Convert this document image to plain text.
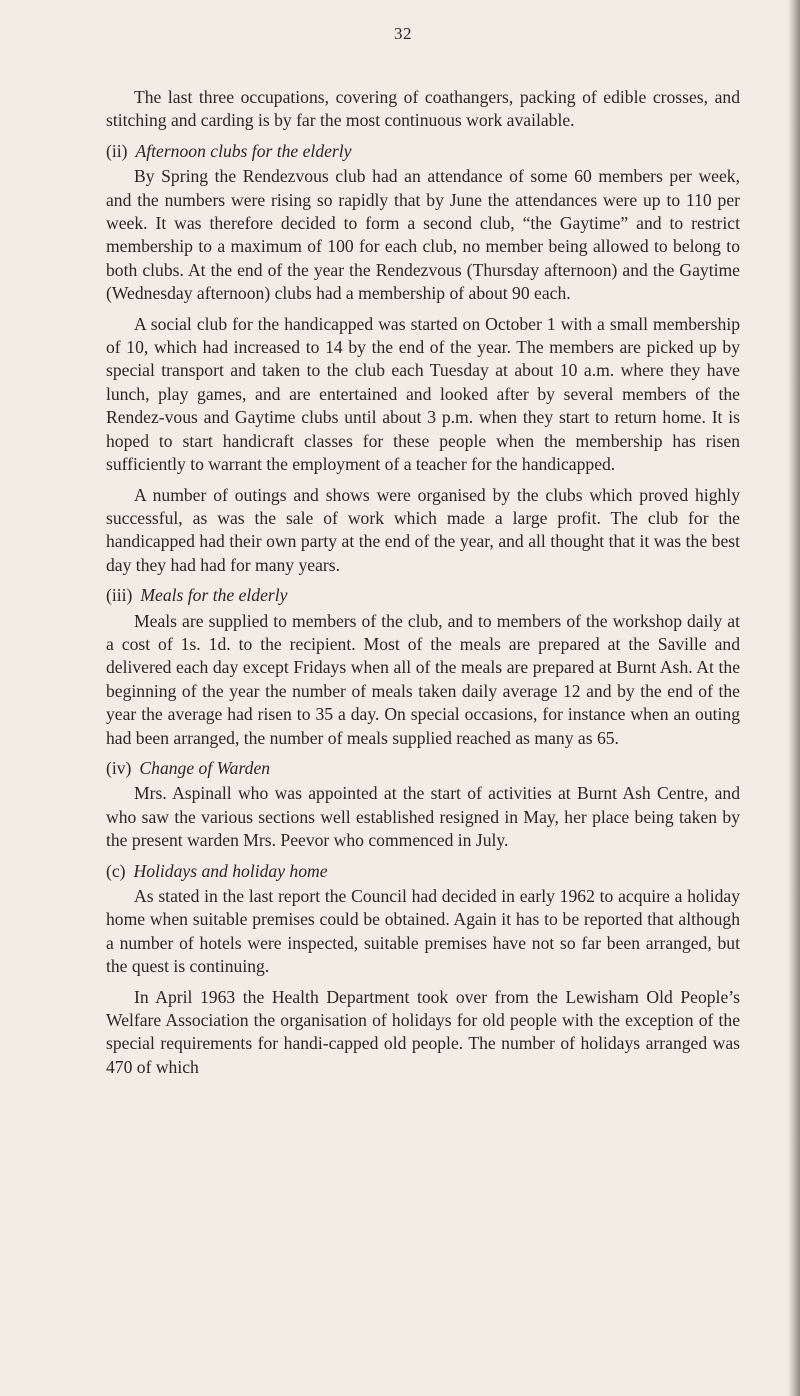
32

The last three occupations, covering of coathangers, packing of edible crosses, and stitching and carding is by far the most continuous work available.

(ii) Afternoon clubs for the elderly

By Spring the Rendezvous club had an attendance of some 60 members per week, and the numbers were rising so rapidly that by June the attendances were up to 110 per week. It was therefore decided to form a second club, “the Gaytime” and to restrict membership to a maximum of 100 for each club, no member being allowed to belong to both clubs. At the end of the year the Rendezvous (Thursday afternoon) and the Gaytime (Wednesday afternoon) clubs had a membership of about 90 each.

A social club for the handicapped was started on October 1 with a small membership of 10, which had increased to 14 by the end of the year. The members are picked up by special transport and taken to the club each Tuesday at about 10 a.m. where they have lunch, play games, and are entertained and looked after by several members of the Rendez-vous and Gaytime clubs until about 3 p.m. when they start to return home. It is hoped to start handicraft classes for these people when the membership has risen sufficiently to warrant the employment of a teacher for the handicapped.

A number of outings and shows were organised by the clubs which proved highly successful, as was the sale of work which made a large profit. The club for the handicapped had their own party at the end of the year, and all thought that it was the best day they had had for many years.

(iii) Meals for the elderly

Meals are supplied to members of the club, and to members of the workshop daily at a cost of 1s. 1d. to the recipient. Most of the meals are prepared at the Saville and delivered each day except Fridays when all of the meals are prepared at Burnt Ash. At the beginning of the year the number of meals taken daily average 12 and by the end of the year the average had risen to 35 a day. On special occasions, for instance when an outing had been arranged, the number of meals supplied reached as many as 65.

(iv) Change of Warden

Mrs. Aspinall who was appointed at the start of activities at Burnt Ash Centre, and who saw the various sections well established resigned in May, her place being taken by the present warden Mrs. Peevor who commenced in July.

(c) Holidays and holiday home

As stated in the last report the Council had decided in early 1962 to acquire a holiday home when suitable premises could be obtained. Again it has to be reported that although a number of hotels were inspected, suitable premises have not so far been arranged, but the quest is continuing.

In April 1963 the Health Department took over from the Lewisham Old People’s Welfare Association the organisation of holidays for old people with the exception of the special requirements for handi-capped old people. The number of holidays arranged was 470 of which
